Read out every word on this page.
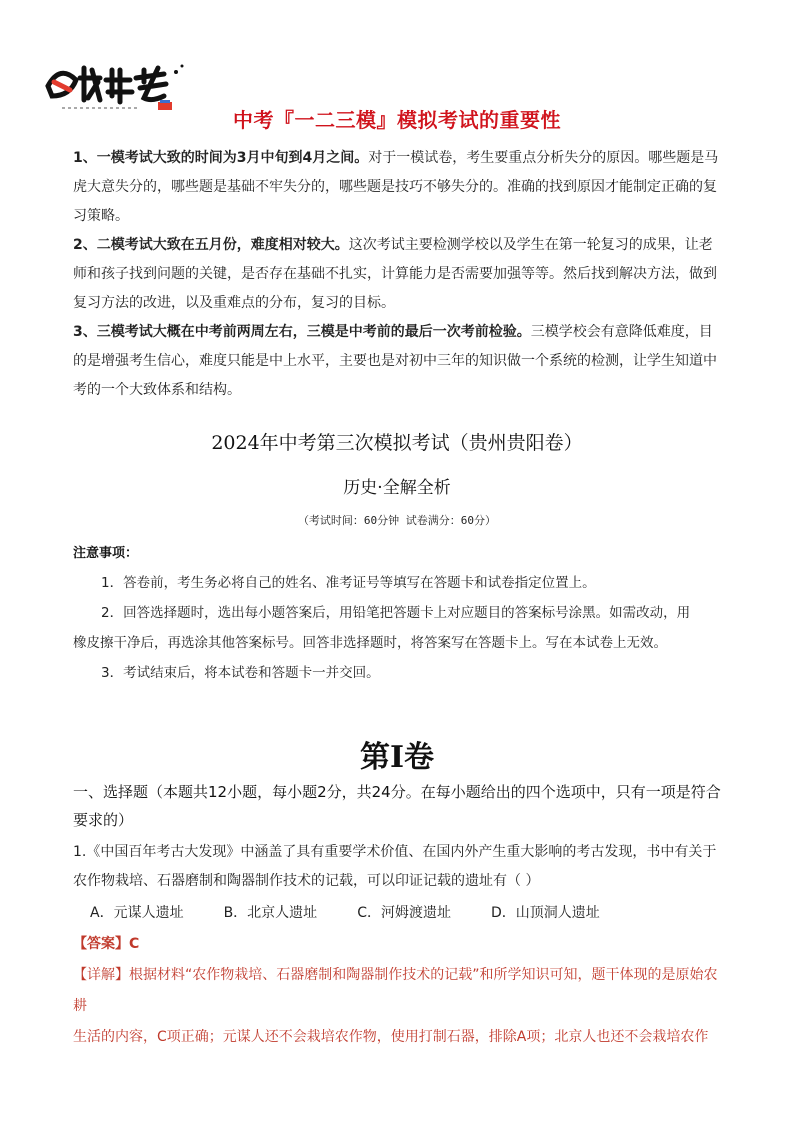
中考『一二三模』模拟考试的重要性

1、一模考试大致的时间为3月中旬到4月之间。对于一模试卷，考生要重点分析失分的原因。哪些题是马虎大意失分的，哪些题是基础不牢失分的，哪些题是技巧不够失分的。准确的找到原因才能制定正确的复习策略。

2、二模考试大致在五月份，难度相对较大。这次考试主要检测学校以及学生在第一轮复习的成果，让老师和孩子找到问题的关键，是否存在基础不扎实，计算能力是否需要加强等等。然后找到解决方法，做到复习方法的改进，以及重难点的分布，复习的目标。

3、三模考试大概在中考前两周左右，三模是中考前的最后一次考前检验。三模学校会有意降低难度，目的是增强考生信心，难度只能是中上水平，主要也是对初中三年的知识做一个系统的检测，让学生知道中考的一个大致体系和结构。

2024年中考第三次模拟考试（贵州贵阳卷）
历史·全解全析
（考试时间：60分钟 试卷满分：60分）
注意事项：

1．答卷前，考生务必将自己的姓名、准考证号等填写在答题卡和试卷指定位置上。

2．回答选择题时，选出每小题答案后，用铅笔把答题卡上对应题目的答案标号涂黑。如需改动，用

橡皮擦干净后，再选涂其他答案标号。回答非选择题时，将答案写在答题卡上。写在本试卷上无效。

3．考试结束后，将本试卷和答题卡一并交回。

第Ⅰ卷
一、选择题（本题共12小题，每小题2分，共24分。在每小题给出的四个选项中，只有一项是符合要求的）

1.《中国百年考古大发现》中涵盖了具有重要学术价值、在国内外产生重大影响的考古发现，书中有关于

农作物栽培、石器磨制和陶器制作技术的记载，可以印证记载的遗址有（ ）

A．元谋人遗址	B．北京人遗址	C．河姆渡遗址	D．山顶洞人遗址
【答案】C

【详解】根据材料“农作物栽培、石器磨制和陶器制作技术的记载”和所学知识可知，题干体现的是原始农耕

生活的内容，C项正确；元谋人还不会栽培农作物，使用打制石器，排除A项；北京人也还不会栽培农作
